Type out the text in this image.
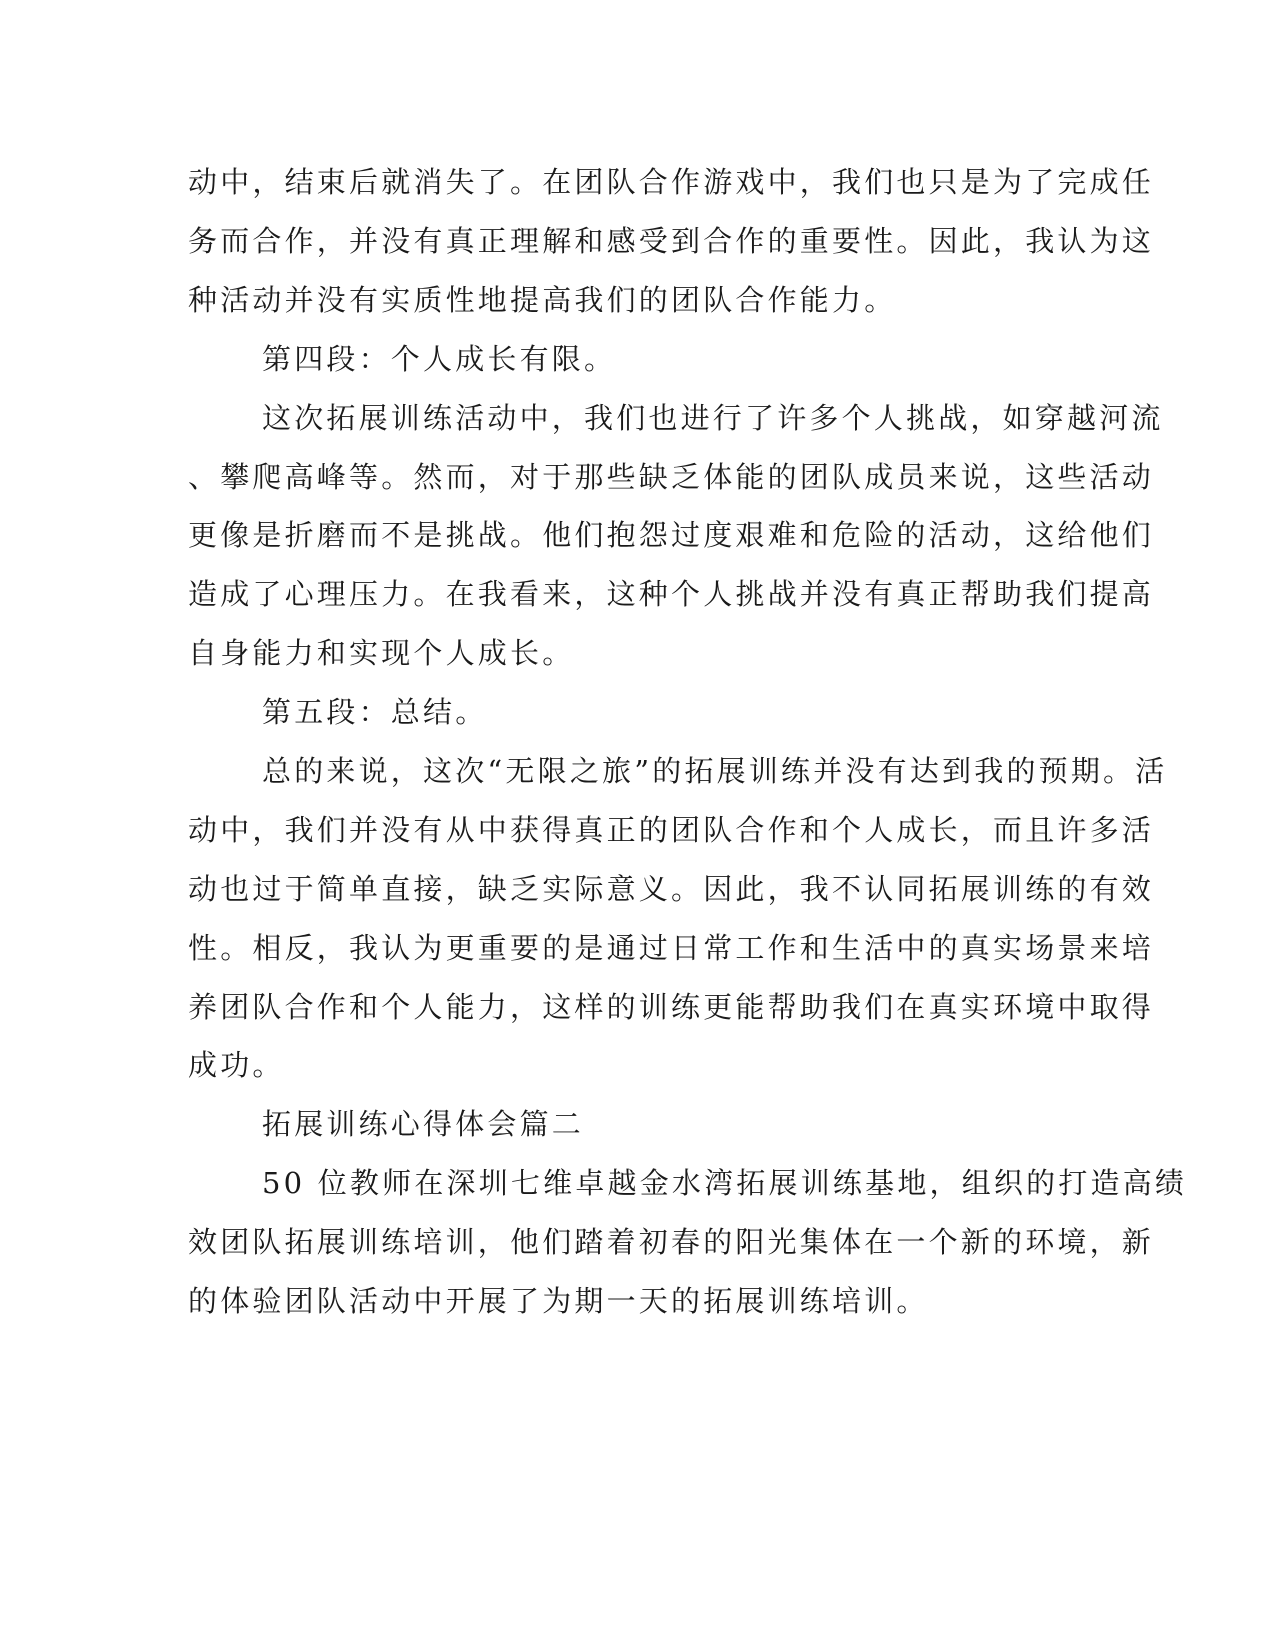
动中，结束后就消失了。在团队合作游戏中，我们也只是为了完成任
务而合作，并没有真正理解和感受到合作的重要性。因此，我认为这
种活动并没有实质性地提高我们的团队合作能力。
第四段：个人成长有限。
这次拓展训练活动中，我们也进行了许多个人挑战，如穿越河流
、攀爬高峰等。然而，对于那些缺乏体能的团队成员来说，这些活动
更像是折磨而不是挑战。他们抱怨过度艰难和危险的活动，这给他们
造成了心理压力。在我看来，这种个人挑战并没有真正帮助我们提高
自身能力和实现个人成长。
第五段：总结。
总的来说，这次“无限之旅”的拓展训练并没有达到我的预期。活
动中，我们并没有从中获得真正的团队合作和个人成长，而且许多活
动也过于简单直接，缺乏实际意义。因此，我不认同拓展训练的有效
性。相反，我认为更重要的是通过日常工作和生活中的真实场景来培
养团队合作和个人能力，这样的训练更能帮助我们在真实环境中取得
成功。
拓展训练心得体会篇二
50 位教师在深圳七维卓越金水湾拓展训练基地，组织的打造高绩
效团队拓展训练培训，他们踏着初春的阳光集体在一个新的环境，新
的体验团队活动中开展了为期一天的拓展训练培训。
